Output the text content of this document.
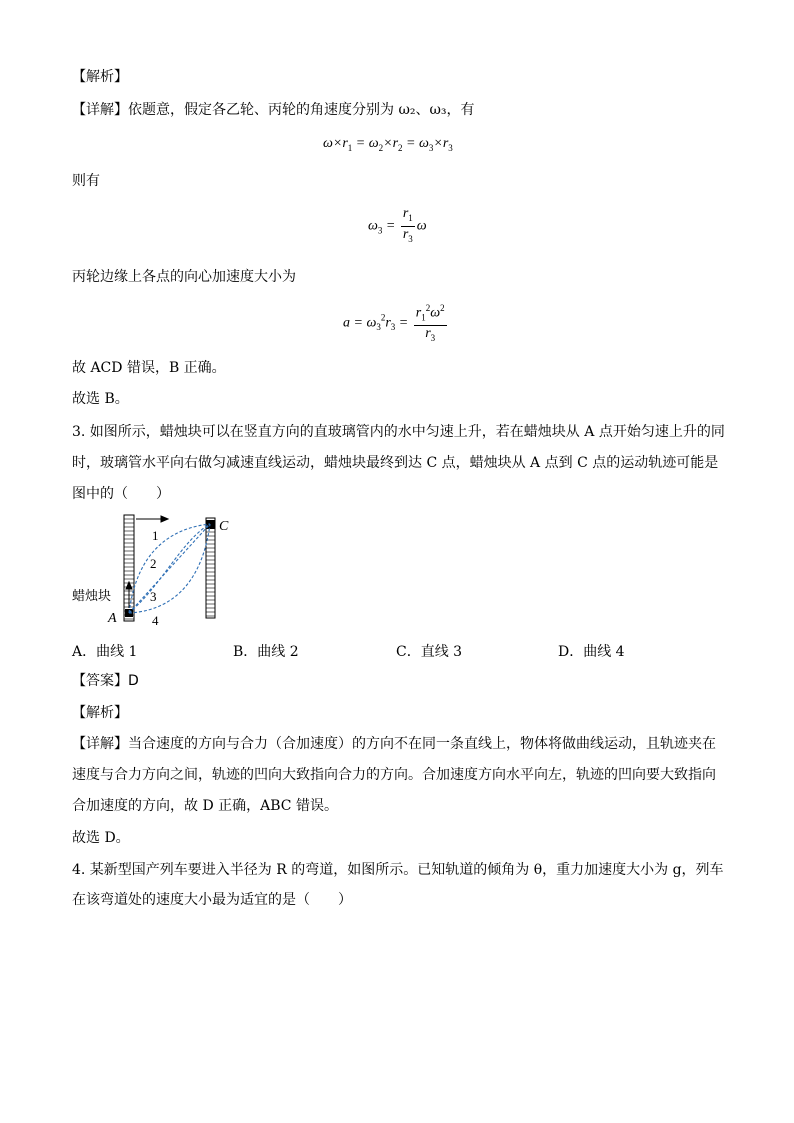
【解析】
【详解】依题意，假定各乙轮、丙轮的角速度分别为 ω₂、ω₃，有
$\omega\times r_1 = \omega_2\times r_2 = \omega_3\times r_3$
则有
$\omega_3 = \frac{r_1}{r_3}$ ω
丙轮边缘上各点的向心加速度大小为
$a = \omega_3^2r_3 = \frac{r_1^2\omega^2}{r_3}$
故 ACD 错误，B 正确。
故选 B。
3. 如图所示，蜡烛块可以在竖直方向的直玻璃管内的水中匀速上升，若在蜡烛块从 A 点开始匀速上升的同
时，玻璃管水平向右做匀减速直线运动，蜡烛块最终到达 C 点，蜡烛块从 A 点到 C 点的运动轨迹可能是
图中的（　　）
1
2
3
4
C
A
蜡烛块
A．曲线 1	B．曲线 2	C．直线 3	D．曲线 4
【答案】D
【解析】
【详解】当合速度的方向与合力（合加速度）的方向不在同一条直线上，物体将做曲线运动，且轨迹夹在
速度与合力方向之间，轨迹的凹向大致指向合力的方向。合加速度方向水平向左，轨迹的凹向要大致指向
合加速度的方向，故 D 正确，ABC 错误。
故选 D。
4. 某新型国产列车要进入半径为 R 的弯道，如图所示。已知轨道的倾角为 θ，重力加速度大小为 g，列车
在该弯道处的速度大小最为适宜的是（　　）
